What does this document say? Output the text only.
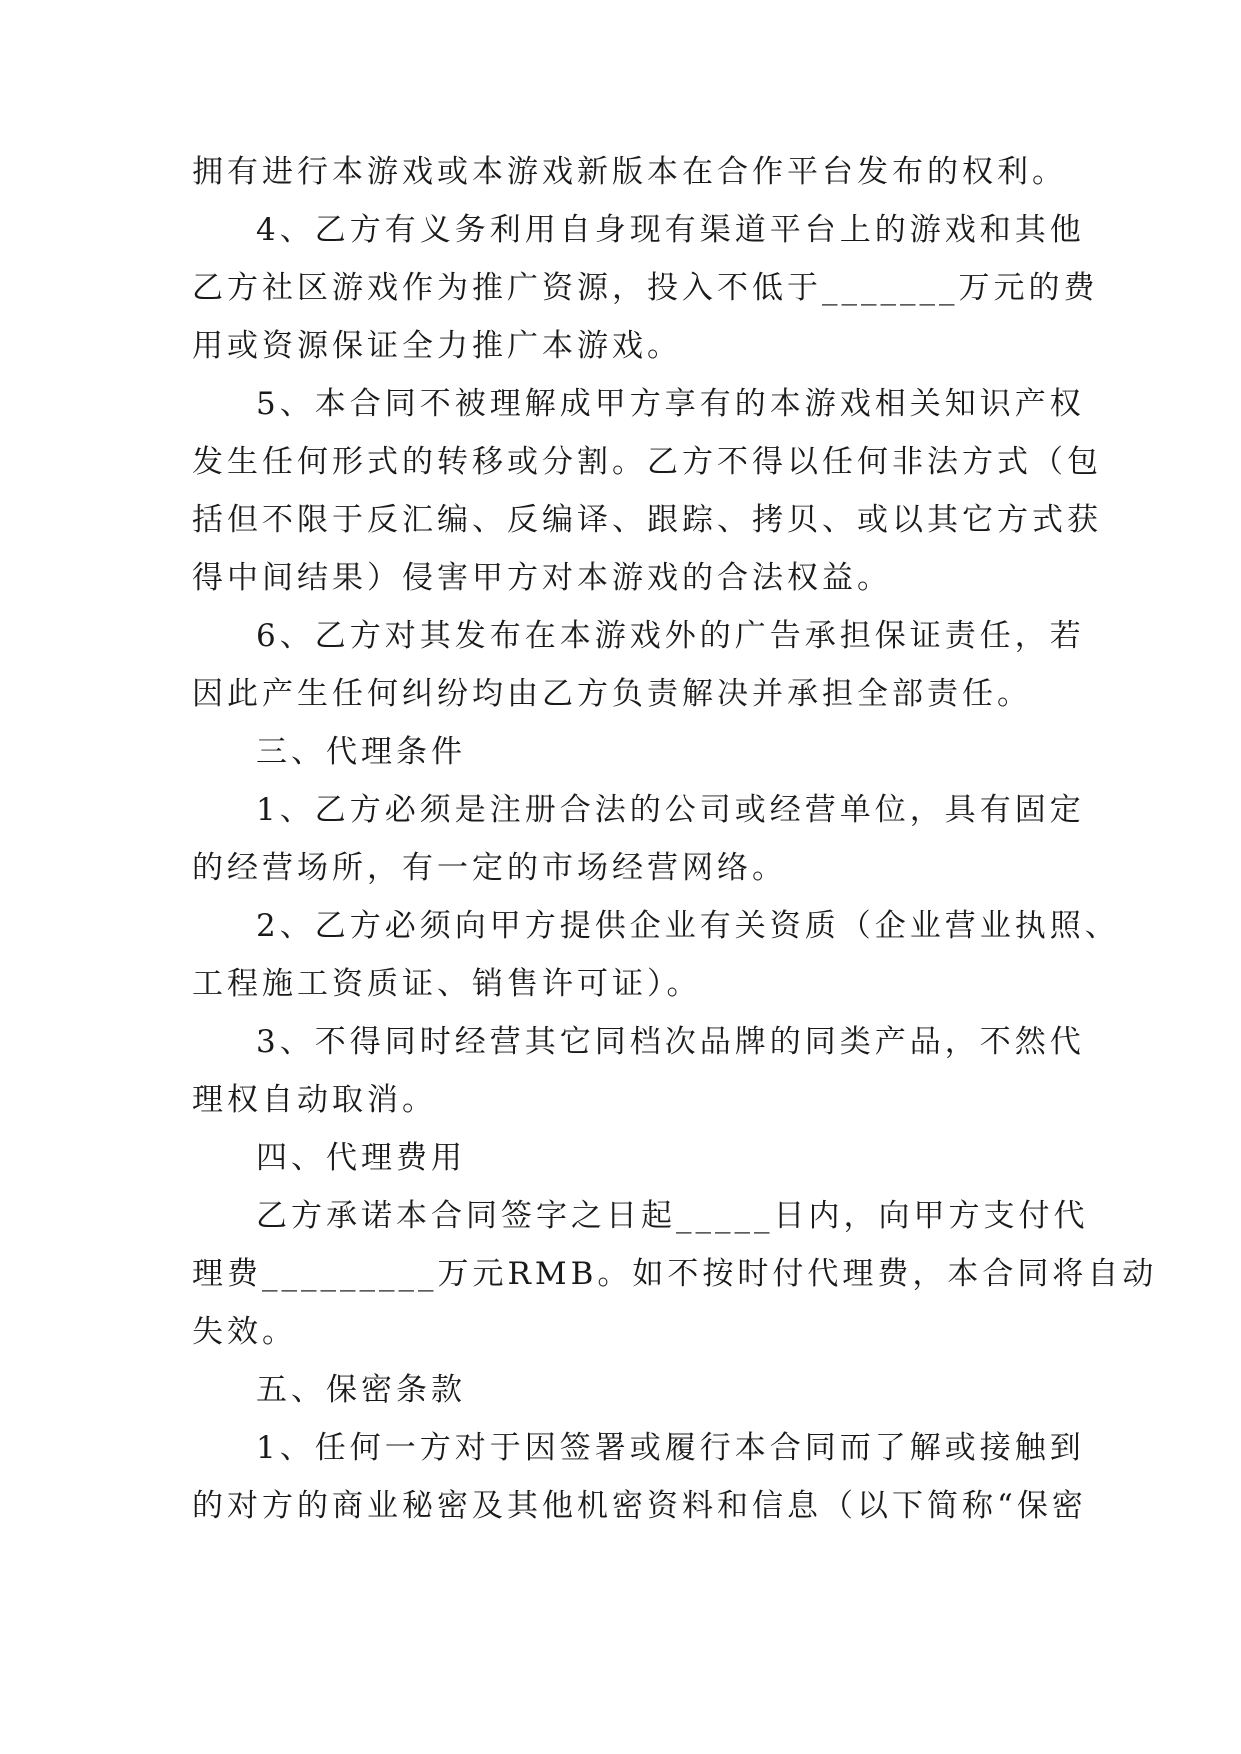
拥有进行本游戏或本游戏新版本在合作平台发布的权利。

4、乙方有义务利用自身现有渠道平台上的游戏和其他

乙方社区游戏作为推广资源，投入不低于_______万元的费

用或资源保证全力推广本游戏。

5、本合同不被理解成甲方享有的本游戏相关知识产权

发生任何形式的转移或分割。乙方不得以任何非法方式（包

括但不限于反汇编、反编译、跟踪、拷贝、或以其它方式获

得中间结果）侵害甲方对本游戏的合法权益。

6、乙方对其发布在本游戏外的广告承担保证责任，若

因此产生任何纠纷均由乙方负责解决并承担全部责任。

三、代理条件

1、乙方必须是注册合法的公司或经营单位，具有固定

的经营场所，有一定的市场经营网络。

2、乙方必须向甲方提供企业有关资质（企业营业执照、

工程施工资质证、销售许可证）。

3、不得同时经营其它同档次品牌的同类产品，不然代

理权自动取消。

四、代理费用

乙方承诺本合同签字之日起_____日内，向甲方支付代

理费_________万元RMB。如不按时付代理费，本合同将自动

失效。

五、保密条款

1、任何一方对于因签署或履行本合同而了解或接触到

的对方的商业秘密及其他机密资料和信息（以下简称“保密
